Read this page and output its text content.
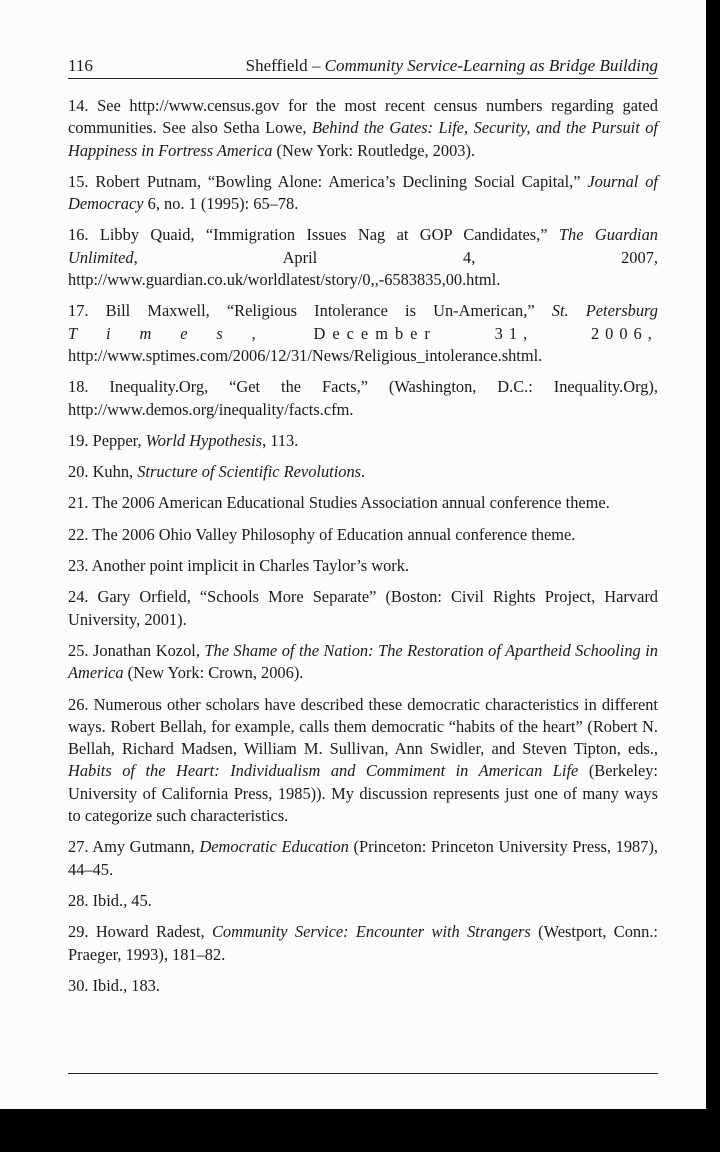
116	Sheffield – Community Service-Learning as Bridge Building

14. See http://www.census.gov for the most recent census numbers regarding gated communities. See also Setha Lowe, Behind the Gates: Life, Security, and the Pursuit of Happiness in Fortress America (New York: Routledge, 2003).

15. Robert Putnam, “Bowling Alone: America’s Declining Social Capital,” Journal of Democracy 6, no. 1 (1995): 65–78.

16. Libby Quaid, “Immigration Issues Nag at GOP Candidates,” The Guardian Unlimited, April 4, 2007, http://www.guardian.co.uk/worldlatest/story/0,,-6583835,00.html.

17. Bill Maxwell, “Religious Intolerance is Un-American,” St. Petersburg
T i m e s ,	December	31,	2006,
http://www.sptimes.com/2006/12/31/News/Religious_intolerance.shtml.

18. Inequality.Org, “Get the Facts,” (Washington, D.C.: Inequality.Org), http://www.demos.org/inequality/facts.cfm.

19. Pepper, World Hypothesis, 113.

20. Kuhn, Structure of Scientific Revolutions.

21. The 2006 American Educational Studies Association annual conference theme.

22. The 2006 Ohio Valley Philosophy of Education annual conference theme.

23. Another point implicit in Charles Taylor’s work.

24. Gary Orfield, “Schools More Separate” (Boston: Civil Rights Project, Harvard University, 2001).

25. Jonathan Kozol, The Shame of the Nation: The Restoration of Apartheid Schooling in America (New York: Crown, 2006).

26. Numerous other scholars have described these democratic characteristics in different ways. Robert Bellah, for example, calls them democratic “habits of the heart” (Robert N. Bellah, Richard Madsen, William M. Sullivan, Ann Swidler, and Steven Tipton, eds., Habits of the Heart: Individualism and Commiment in American Life (Berkeley: University of California Press, 1985)). My discussion represents just one of many ways to categorize such characteristics.

27. Amy Gutmann, Democratic Education (Princeton: Princeton University Press, 1987), 44–45.

28. Ibid., 45.

29. Howard Radest, Community Service: Encounter with Strangers (Westport, Conn.: Praeger, 1993), 181–82.

30. Ibid., 183.
